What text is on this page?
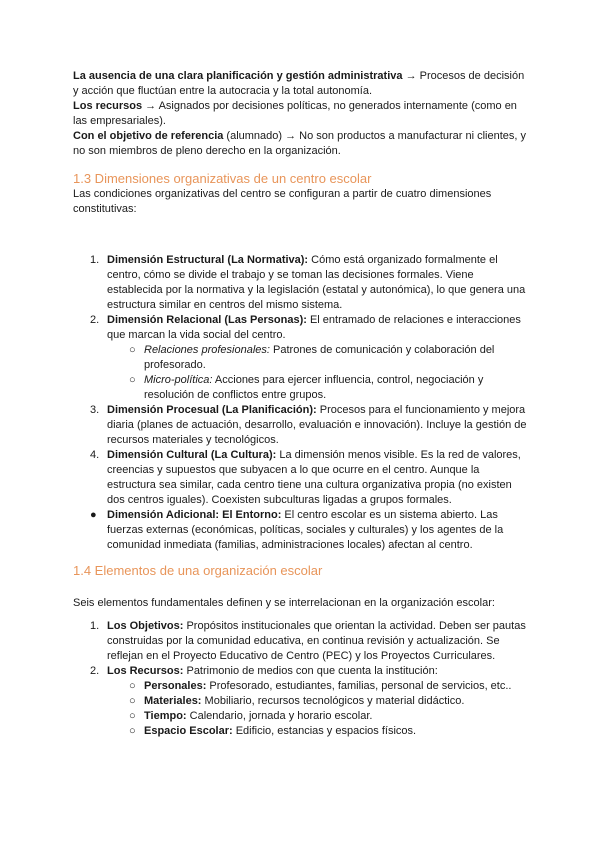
La ausencia de una clara planificación y gestión administrativa → Procesos de decisión y acción que fluctúan entre la autocracia y la total autonomía.

Los recursos → Asignados por decisiones políticas, no generados internamente (como en las empresariales).

Con el objetivo de referencia (alumnado) → No son productos a manufacturar ni clientes, y no son miembros de pleno derecho en la organización.

1.3 Dimensiones organizativas de un centro escolar

Las condiciones organizativas del centro se configuran a partir de cuatro dimensiones constitutivas:

1. Dimensión Estructural (La Normativa): Cómo está organizado formalmente el centro, cómo se divide el trabajo y se toman las decisiones formales. Viene establecida por la normativa y la legislación (estatal y autonómica), lo que genera una estructura similar en centros del mismo sistema.
2. Dimensión Relacional (Las Personas): El entramado de relaciones e interacciones que marcan la vida social del centro.
○ Relaciones profesionales: Patrones de comunicación y colaboración del profesorado.
○ Micro-política: Acciones para ejercer influencia, control, negociación y resolución de conflictos entre grupos.
3. Dimensión Procesual (La Planificación): Procesos para el funcionamiento y mejora diaria (planes de actuación, desarrollo, evaluación e innovación). Incluye la gestión de recursos materiales y tecnológicos.
4. Dimensión Cultural (La Cultura): La dimensión menos visible. Es la red de valores, creencias y supuestos que subyacen a lo que ocurre en el centro. Aunque la estructura sea similar, cada centro tiene una cultura organizativa propia (no existen dos centros iguales). Coexisten subculturas ligadas a grupos formales.
● Dimensión Adicional: El Entorno: El centro escolar es un sistema abierto. Las fuerzas externas (económicas, políticas, sociales y culturales) y los agentes de la comunidad inmediata (familias, administraciones locales) afectan al centro.
1.4 Elementos de una organización escolar

Seis elementos fundamentales definen y se interrelacionan en la organización escolar:

1. Los Objetivos: Propósitos institucionales que orientan la actividad. Deben ser pautas construidas por la comunidad educativa, en continua revisión y actualización. Se reflejan en el Proyecto Educativo de Centro (PEC) y los Proyectos Curriculares.
2. Los Recursos: Patrimonio de medios con que cuenta la institución:
○ Personales: Profesorado, estudiantes, familias, personal de servicios, etc..
○ Materiales: Mobiliario, recursos tecnológicos y material didáctico.
○ Tiempo: Calendario, jornada y horario escolar.
○ Espacio Escolar: Edificio, estancias y espacios físicos.
